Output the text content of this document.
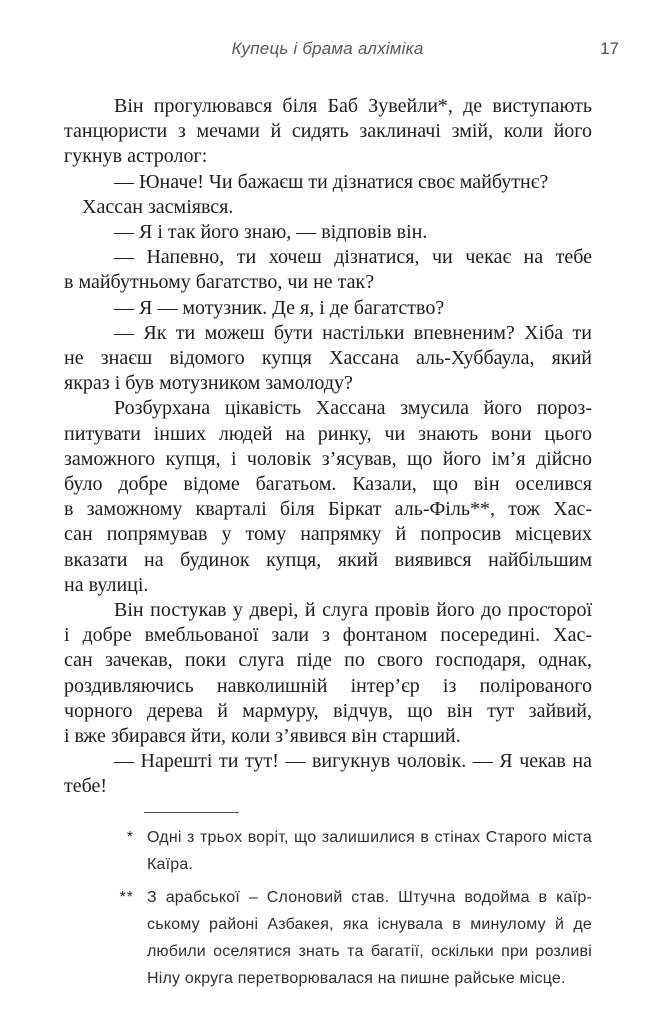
Купець і брама алхіміка	17
Він прогулювався біля Баб Зувейли*, де виступають
танцюристи з мечами й сидять заклиначі змій, коли його
гукнув астролог:
— Юначе! Чи бажаєш ти дізнатися своє майбутнє?
Хассан засміявся.
— Я і так його знаю, — відповів він.
— Напевно, ти хочеш дізнатися, чи чекає на тебе
в майбутньому багатство, чи не так?
— Я — мотузник. Де я, і де багатство?
— Як ти можеш бути настільки впевненим? Хіба ти
не знаєш відомого купця Хассана аль-Хуббаула, який
якраз і був мотузником замолоду?
Розбурхана цікавість Хассана змусила його пороз-
питувати інших людей на ринку, чи знають вони цього
заможного купця, і чоловік з’ясував, що його ім’я дійсно
було добре відоме багатьом. Казали, що він оселився
в заможному кварталі біля Біркат аль-Філь**, тож Хас-
сан попрямував у тому напрямку й попросив місцевих
вказати на будинок купця, який виявився найбільшим
на вулиці.
Він постукав у двері, й слуга провів його до просторої
і добре вмебльованої зали з фонтаном посередині. Хас-
сан зачекав, поки слуга піде по свого господаря, однак,
роздивляючись навколишній інтер’єр із полірованого
чорного дерева й мармуру, відчув, що він тут зайвий,
і вже збирався йти, коли з’явився він старший.
— Нарешті ти тут! — вигукнув чоловік. — Я чекав на
тебе!
* Одні з трьох воріт, що залишилися в стінах Старого міста
Каїра.
** З арабської – Слоновий став. Штучна водойма в каїр-
ському районі Азбакея, яка існувала в минулому й де
любили оселятися знать та багатії, оскільки при розливі
Нілу округа перетворювалася на пишне райське місце.
